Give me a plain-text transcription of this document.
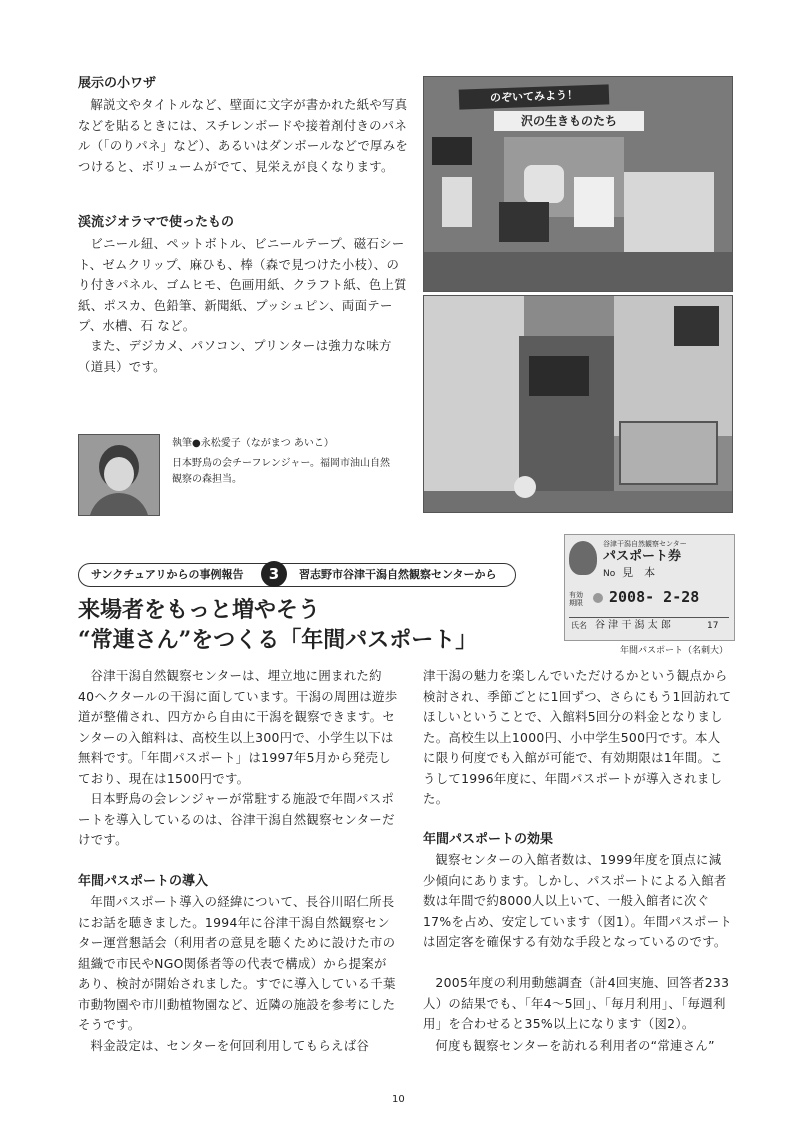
展示の小ワザ

解説文やタイトルなど、壁面に文字が書かれた紙や写真などを貼るときには、スチレンボードや接着剤付きのパネル（「のりパネ」など）、あるいはダンボールなどで厚みをつけると、ボリュームがでて、見栄えが良くなります。

渓流ジオラマで使ったもの

ビニール紐、ペットボトル、ビニールテープ、磁石シート、ゼムクリップ、麻ひも、棒（森で見つけた小枝）、のり付きパネル、ゴムヒモ、色画用紙、クラフト紙、色上質紙、ポスカ、色鉛筆、新聞紙、プッシュピン、両面テープ、水槽、石 など。

また、デジカメ、パソコン、プリンターは強力な味方（道具）です。

執筆●永松愛子（ながまつ あいこ）
日本野鳥の会チーフレンジャー。福岡市油山自然観察の森担当。
のぞいてみよう！
沢の生きものたち
谷津干潟自然観察センター
パスポート券
No 見　本
有効
期限	2008- 2-28
氏名 谷 津 干 潟 太 郎	17
年間パスポート（名刺大）
サンクチュアリからの事例報告	3	習志野市谷津干潟自然観察センターから
来場者をもっと増やそう
“常連さん”をつくる「年間パスポート」

谷津干潟自然観察センターは、埋立地に囲まれた約40ヘクタールの干潟に面しています。干潟の周囲は遊歩道が整備され、四方から自由に干潟を観察できます。センターの入館料は、高校生以上300円で、小学生以下は無料です。「年間パスポート」は1997年5月から発売しており、現在は1500円です。

日本野鳥の会レンジャーが常駐する施設で年間パスポートを導入しているのは、谷津干潟自然観察センターだけです。

年間パスポートの導入

年間パスポート導入の経緯について、長谷川昭仁所長にお話を聴きました。1994年に谷津干潟自然観察センター運営懇話会（利用者の意見を聴くために設けた市の組織で市民やNGO関係者等の代表で構成）から提案があり、検討が開始されました。すでに導入している千葉市動物園や市川動植物園など、近隣の施設を参考にしたそうです。

料金設定は、センターを何回利用してもらえば谷

津干潟の魅力を楽しんでいただけるかという観点から検討され、季節ごとに1回ずつ、さらにもう1回訪れてほしいということで、入館料5回分の料金となりました。高校生以上1000円、小中学生500円です。本人に限り何度でも入館が可能で、有効期限は1年間。こうして1996年度に、年間パスポートが導入されました。

年間パスポートの効果

観察センターの入館者数は、1999年度を頂点に減少傾向にあります。しかし、パスポートによる入館者数は年間で約8000人以上いて、一般入館者に次ぐ17%を占め、安定しています（図1）。年間パスポートは固定客を確保する有効な手段となっているのです。

2005年度の利用動態調査（計4回実施、回答者233人）の結果でも、「年4〜5回」、「毎月利用」、「毎週利用」を合わせると35%以上になります（図2）。

何度も観察センターを訪れる利用者の“常連さん”

10
